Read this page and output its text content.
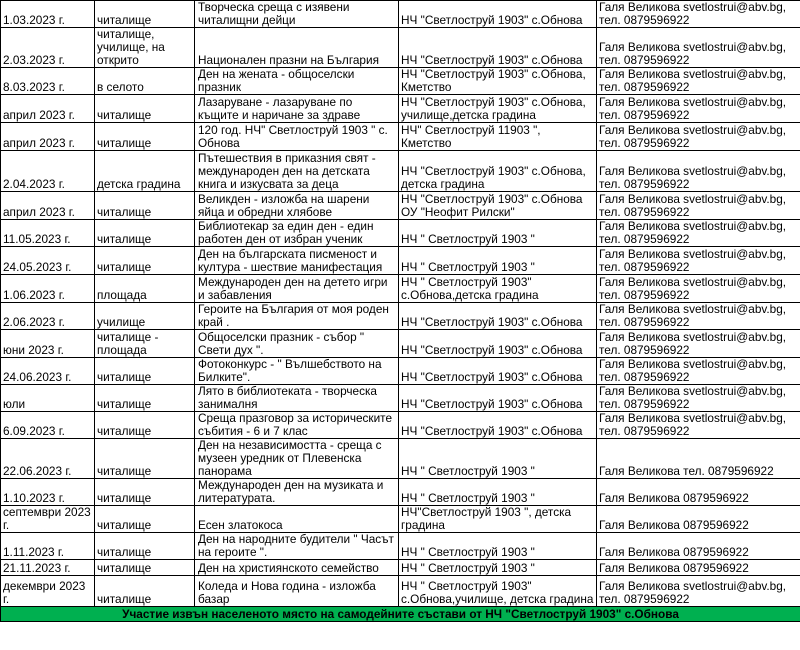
1.03.2023 г.	читалище	Творческа среща с изявени читалищни дейци	НЧ "Светлоструй 1903" с.Обнова	Галя Великова svetlostrui@abv.bg, тел. 0879596922
2.03.2023 г.	читалище, училище, на открито	Национален празни на България	НЧ "Светлоструй 1903" с.Обнова	Галя Великова svetlostrui@abv.bg, тел. 0879596922
8.03.2023 г.	в селото	Ден на жената - общоселски празник	НЧ "Светлоструй 1903" с.Обнова, Кметство	Галя Великова svetlostrui@abv.bg, тел. 0879596922
април 2023 г.	читалище	Лазаруване - лазаруване по къщите и наричане за здраве	НЧ "Светлоструй 1903" с.Обнова, училище,детска градина	Галя Великова svetlostrui@abv.bg, тел. 0879596922
април 2023 г.	читалище	120 год. НЧ" Светлоструй 1903 " с. Обнова	НЧ" Светлоструй 11903 ", Кметство	Галя Великова svetlostrui@abv.bg, тел. 0879596922
2.04.2023 г.	детска градина	Пътешествия в приказния свят - международен ден на детската книга и изкусвата за деца	НЧ "Светлоструй 1903" с.Обнова, детска градина	Галя Великова svetlostrui@abv.bg, тел. 0879596922
април 2023 г.	читалище	Великден - изложба на шарени яйца и обредни хлябове	НЧ "Светлоструй 1903" с.Обнова ОУ "Неофит Рилски"	Галя Великова svetlostrui@abv.bg, тел. 0879596922
11.05.2023 г.	читалище	Библиотекар за един ден - един работен ден от избран ученик	НЧ " Светлоструй 1903 "	Галя Великова svetlostrui@abv.bg, тел. 0879596922
24.05.2023 г.	читалище	Ден на българската писменост и култура - шествие манифестация	НЧ " Светлоструй 1903 "	Галя Великова svetlostrui@abv.bg, тел. 0879596922
1.06.2023 г.	площада	Международен ден на детето игри и забавления	НЧ " Светлоструй 1903" с.Обнова,детска градина	Галя Великова svetlostrui@abv.bg, тел. 0879596922
2.06.2023 г.	училище	Героите на България от моя роден край .	НЧ "Светлоструй 1903" с.Обнова	Галя Великова svetlostrui@abv.bg, тел. 0879596922
юни 2023 г.	читалище - площада	Общоселски празник - събор " Свети дух ".	НЧ "Светлоструй 1903" с.Обнова	Галя Великова svetlostrui@abv.bg, тел. 0879596922
24.06.2023 г.	читалище	Фотоконкурс - " Вълшебството на Билките".	НЧ "Светлоструй 1903" с.Обнова	Галя Великова svetlostrui@abv.bg, тел. 0879596922
юли	читалище	Лято в библиотеката - творческа занималня	НЧ "Светлоструй 1903" с.Обнова	Галя Великова svetlostrui@abv.bg, тел. 0879596922
6.09.2023 г.	читалище	Среща празговор за историческите събития - 6 и 7 клас	НЧ "Светлоструй 1903" с.Обнова	Галя Великова svetlostrui@abv.bg, тел. 0879596922
22.06.2023 г.	читалище	Ден на независимостта - среща с музеен уредник от Плевенска панорама	НЧ " Светлоструй 1903 "	Галя Великова тел. 0879596922
1.10.2023 г.	читалище	Международен ден на музиката и литературата.	НЧ " Светлоструй 1903 "	Галя Великова 0879596922
септември 2023 г.	читалище	Есен златокоса	НЧ"Светлоструй 1903 ", детска градина	Галя Великова 0879596922
1.11.2023 г.	читалище	Ден на народните будители " Часът на героите ".	НЧ " Светлоструй 1903 "	Галя Великова 0879596922
21.11.2023 г.	читалище	Ден на християнското семейство	НЧ " Светлоструй 1903 "	Галя Великова 0879596922
декември 2023 г.	читалище	Коледа и Нова година - изложба базар	НЧ " Светлоструй 1903" с.Обнова,училище, детска градина	Галя Великова svetlostrui@abv.bg, тел. 0879596922
Участие извън населеното място на самодейните състави от НЧ "Светлоструй 1903" с.Обнова				
